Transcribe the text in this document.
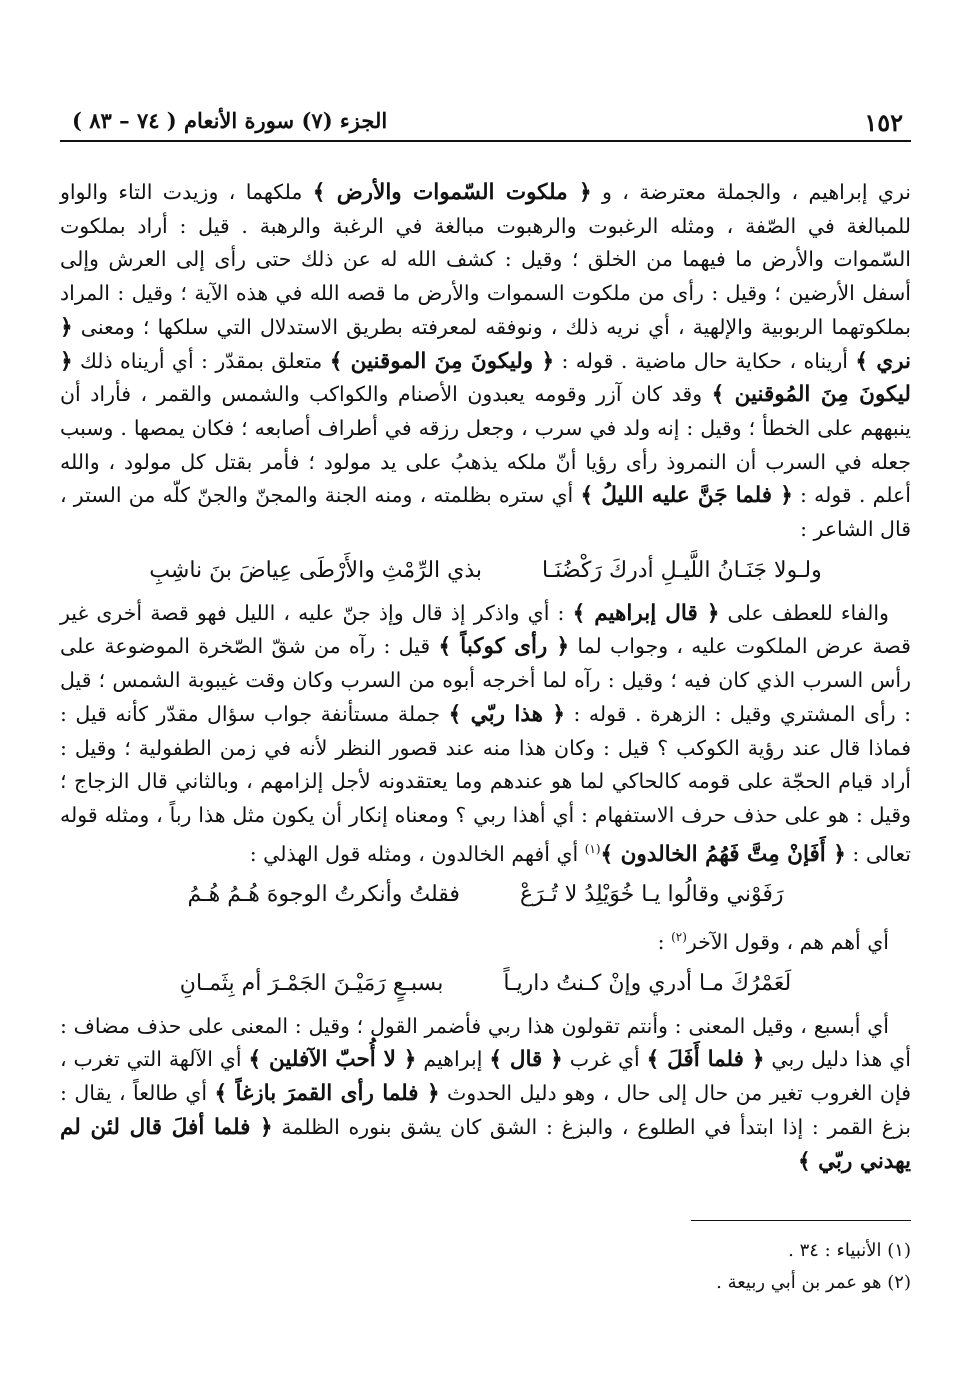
١٥٢
الجزء (٧) سورة الأنعام ( ٧٤ – ٨٣ )

نري إبراهيم ، والجملة معترضة ، و ﴿ ملكوت السّموات والأرض ﴾ ملكهما ، وزيدت التاء والواو للمبالغة في الصّفة ، ومثله الرغبوت والرهبوت مبالغة في الرغبة والرهبة . قيل : أراد بملكوت السّموات والأرض ما فيهما من الخلق ؛ وقيل : كشف الله له عن ذلك حتى رأى إلى العرش وإلى أسفل الأرضين ؛ وقيل : رأى من ملكوت السموات والأرض ما قصه الله في هذه الآية ؛ وقيل : المراد بملكوتهما الربوبية والإلهية ، أي نريه ذلك ، ونوفقه لمعرفته بطريق الاستدلال التي سلكها ؛ ومعنى ﴿ نري ﴾ أريناه ، حكاية حال ماضية . قوله : ﴿ وليكونَ مِنَ الموقنين ﴾ متعلق بمقدّر : أي أريناه ذلك ﴿ ليكونَ مِنَ المُوقنين ﴾ وقد كان آزر وقومه يعبدون الأصنام والكواكب والشمس والقمر ، فأراد أن ينبههم على الخطأ ؛ وقيل : إنه ولد في سرب ، وجعل رزقه في أطراف أصابعه ؛ فكان يمصها . وسبب جعله في السرب أن النمروذ رأى رؤيا أنّ ملكه يذهبُ على يد مولود ؛ فأمر بقتل كل مولود ، والله أعلم . قوله : ﴿ فلما جَنَّ عليه الليلُ ﴾ أي ستره بظلمته ، ومنه الجنة والمجنّ والجنّ كلّه من الستر ، قال الشاعر :

ولـولا جَنَـانُ اللَّيـلِ أدركَ رَكْضُنَـا
بذي الرِّمْثِ والأَرْطَى عِياضَ بنَ ناشِبِ

والفاء للعطف على ﴿ قال إبراهيم ﴾ : أي واذكر إذ قال وإذ جنّ عليه ، الليل فهو قصة أخرى غير قصة عرض الملكوت عليه ، وجواب لما ﴿ رأى كوكباً ﴾ قيل : رآه من شقّ الصّخرة الموضوعة على رأس السرب الذي كان فيه ؛ وقيل : رآه لما أخرجه أبوه من السرب وكان وقت غيبوبة الشمس ؛ قيل : رأى المشتري وقيل : الزهرة . قوله : ﴿ هذا ربّي ﴾ جملة مستأنفة جواب سؤال مقدّر كأنه قيل : فماذا قال عند رؤية الكوكب ؟ قيل : وكان هذا منه عند قصور النظر لأنه في زمن الطفولية ؛ وقيل : أراد قيام الحجّة على قومه كالحاكي لما هو عندهم وما يعتقدونه لأجل إلزامهم ، وبالثاني قال الزجاج ؛ وقيل : هو على حذف حرف الاستفهام : أي أهذا ربي ؟ ومعناه إنكار أن يكون مثل هذا رباً ، ومثله قوله تعالى : ﴿ أَفَإنْ مِتَّ فَهُمُ الخالدون ﴾$^{(١)}$ أي أفهم الخالدون ، ومثله قول الهذلي :

رَفَوْني وقالُوا يـا خُوَيْلِدُ لا تُـرَعْ
فقلتُ وأنكرتُ الوجوهَ هُـمُ هُـمُ

أي أهم هم ، وقول الآخر$^{(٢)}$ :

لَعَمْرُكَ مـا أدري وإنْ كـنتُ داريـاً
بسبـعٍ رَمَيْـنَ الجَمْـرَ أم بِثَمـانِ

أي أبسبع ، وقيل المعنى : وأنتم تقولون هذا ربي فأضمر القول ؛ وقيل : المعنى على حذف مضاف : أي هذا دليل ربي ﴿ فلما أَفَلَ ﴾ أي غرب ﴿ قال ﴾ إبراهيم ﴿ لا أُحبّ الآفلين ﴾ أي الآلهة التي تغرب ، فإن الغروب تغير من حال إلى حال ، وهو دليل الحدوث ﴿ فلما رأى القمرَ بازغاً ﴾ أي طالعاً ، يقال : بزغ القمر : إذا ابتدأ في الطلوع ، والبزغ : الشق كان يشق بنوره الظلمة ﴿ فلما أفلَ قال لئن لم يهدني ربّي ﴾

(١) الأنبياء : ٣٤ .

(٢) هو عمر بن أبي ربيعة .
